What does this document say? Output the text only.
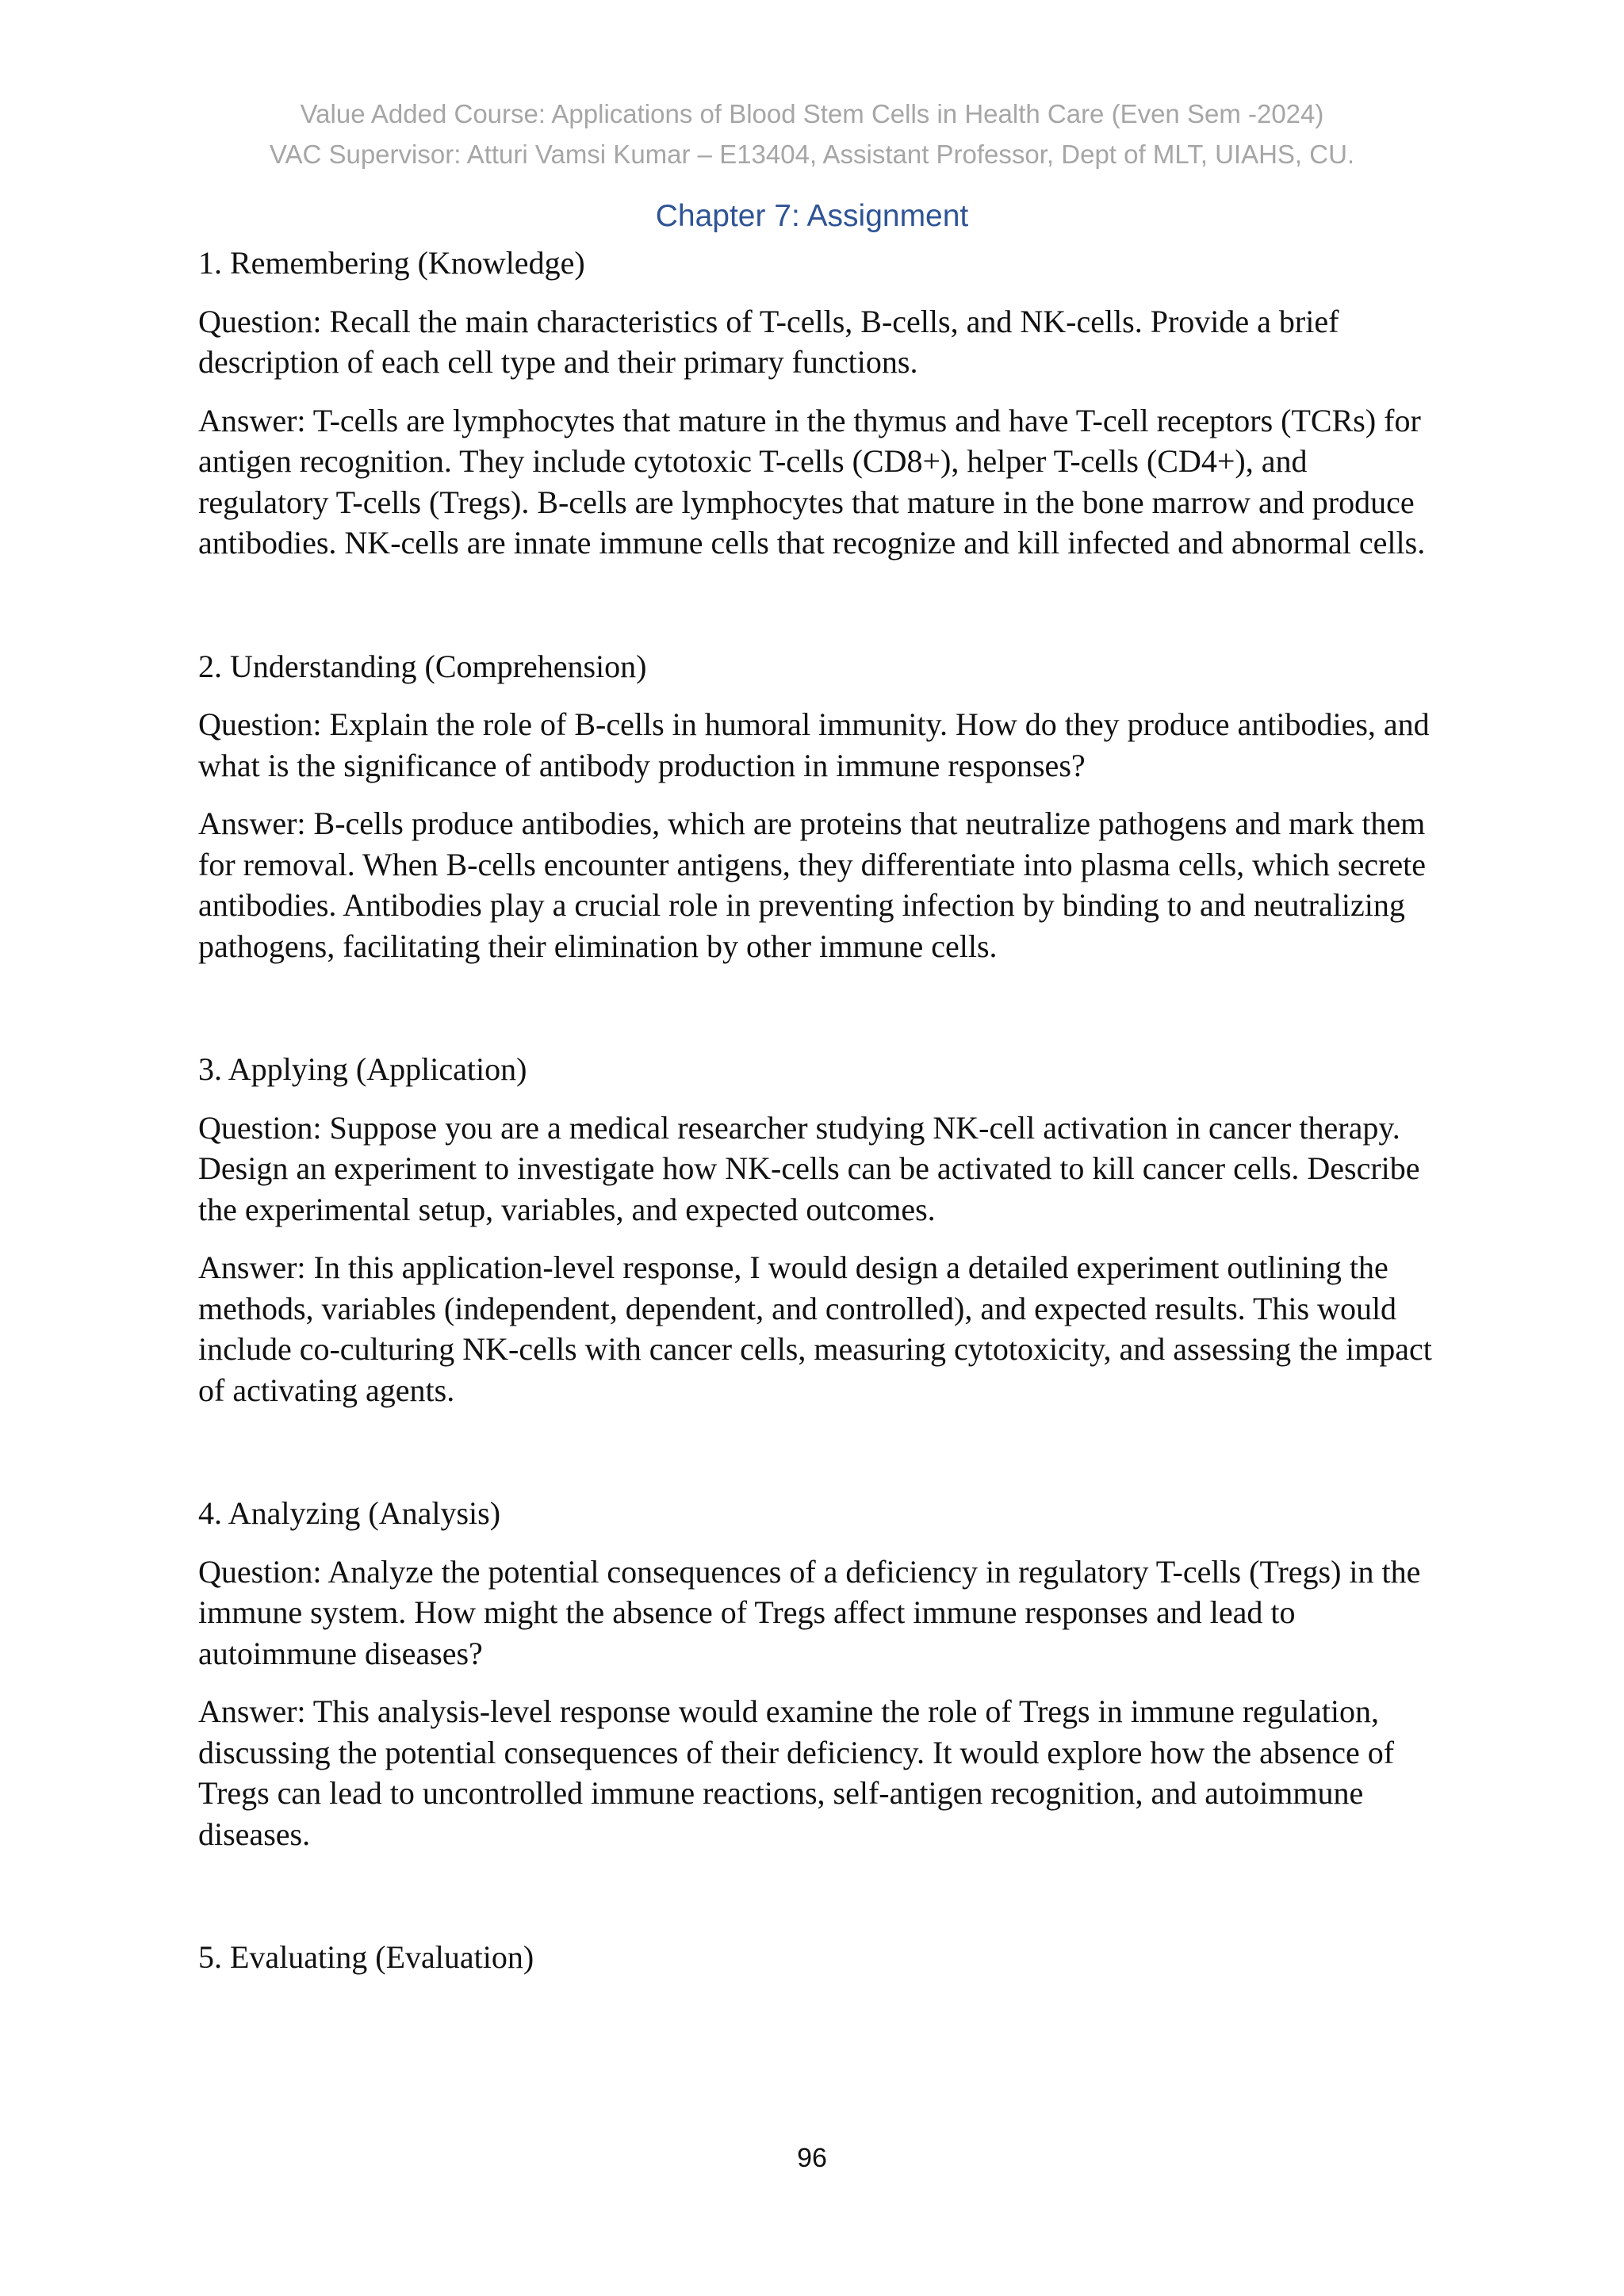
Value Added Course: Applications of Blood Stem Cells in Health Care (Even Sem -2024)
VAC Supervisor: Atturi Vamsi Kumar – E13404, Assistant Professor, Dept of MLT, UIAHS, CU.
Chapter 7: Assignment
1. Remembering (Knowledge)
Question: Recall the main characteristics of T-cells, B-cells, and NK-cells. Provide a brief description of each cell type and their primary functions.
Answer: T-cells are lymphocytes that mature in the thymus and have T-cell receptors (TCRs) for antigen recognition. They include cytotoxic T-cells (CD8+), helper T-cells (CD4+), and regulatory T-cells (Tregs). B-cells are lymphocytes that mature in the bone marrow and produce antibodies. NK-cells are innate immune cells that recognize and kill infected and abnormal cells.
2. Understanding (Comprehension)
Question: Explain the role of B-cells in humoral immunity. How do they produce antibodies, and what is the significance of antibody production in immune responses?
Answer: B-cells produce antibodies, which are proteins that neutralize pathogens and mark them for removal. When B-cells encounter antigens, they differentiate into plasma cells, which secrete antibodies. Antibodies play a crucial role in preventing infection by binding to and neutralizing pathogens, facilitating their elimination by other immune cells.
3. Applying (Application)
Question: Suppose you are a medical researcher studying NK-cell activation in cancer therapy. Design an experiment to investigate how NK-cells can be activated to kill cancer cells. Describe the experimental setup, variables, and expected outcomes.
Answer: In this application-level response, I would design a detailed experiment outlining the methods, variables (independent, dependent, and controlled), and expected results. This would include co-culturing NK-cells with cancer cells, measuring cytotoxicity, and assessing the impact of activating agents.
4. Analyzing (Analysis)
Question: Analyze the potential consequences of a deficiency in regulatory T-cells (Tregs) in the immune system. How might the absence of Tregs affect immune responses and lead to autoimmune diseases?
Answer: This analysis-level response would examine the role of Tregs in immune regulation, discussing the potential consequences of their deficiency. It would explore how the absence of Tregs can lead to uncontrolled immune reactions, self-antigen recognition, and autoimmune diseases.
5. Evaluating (Evaluation)
96
